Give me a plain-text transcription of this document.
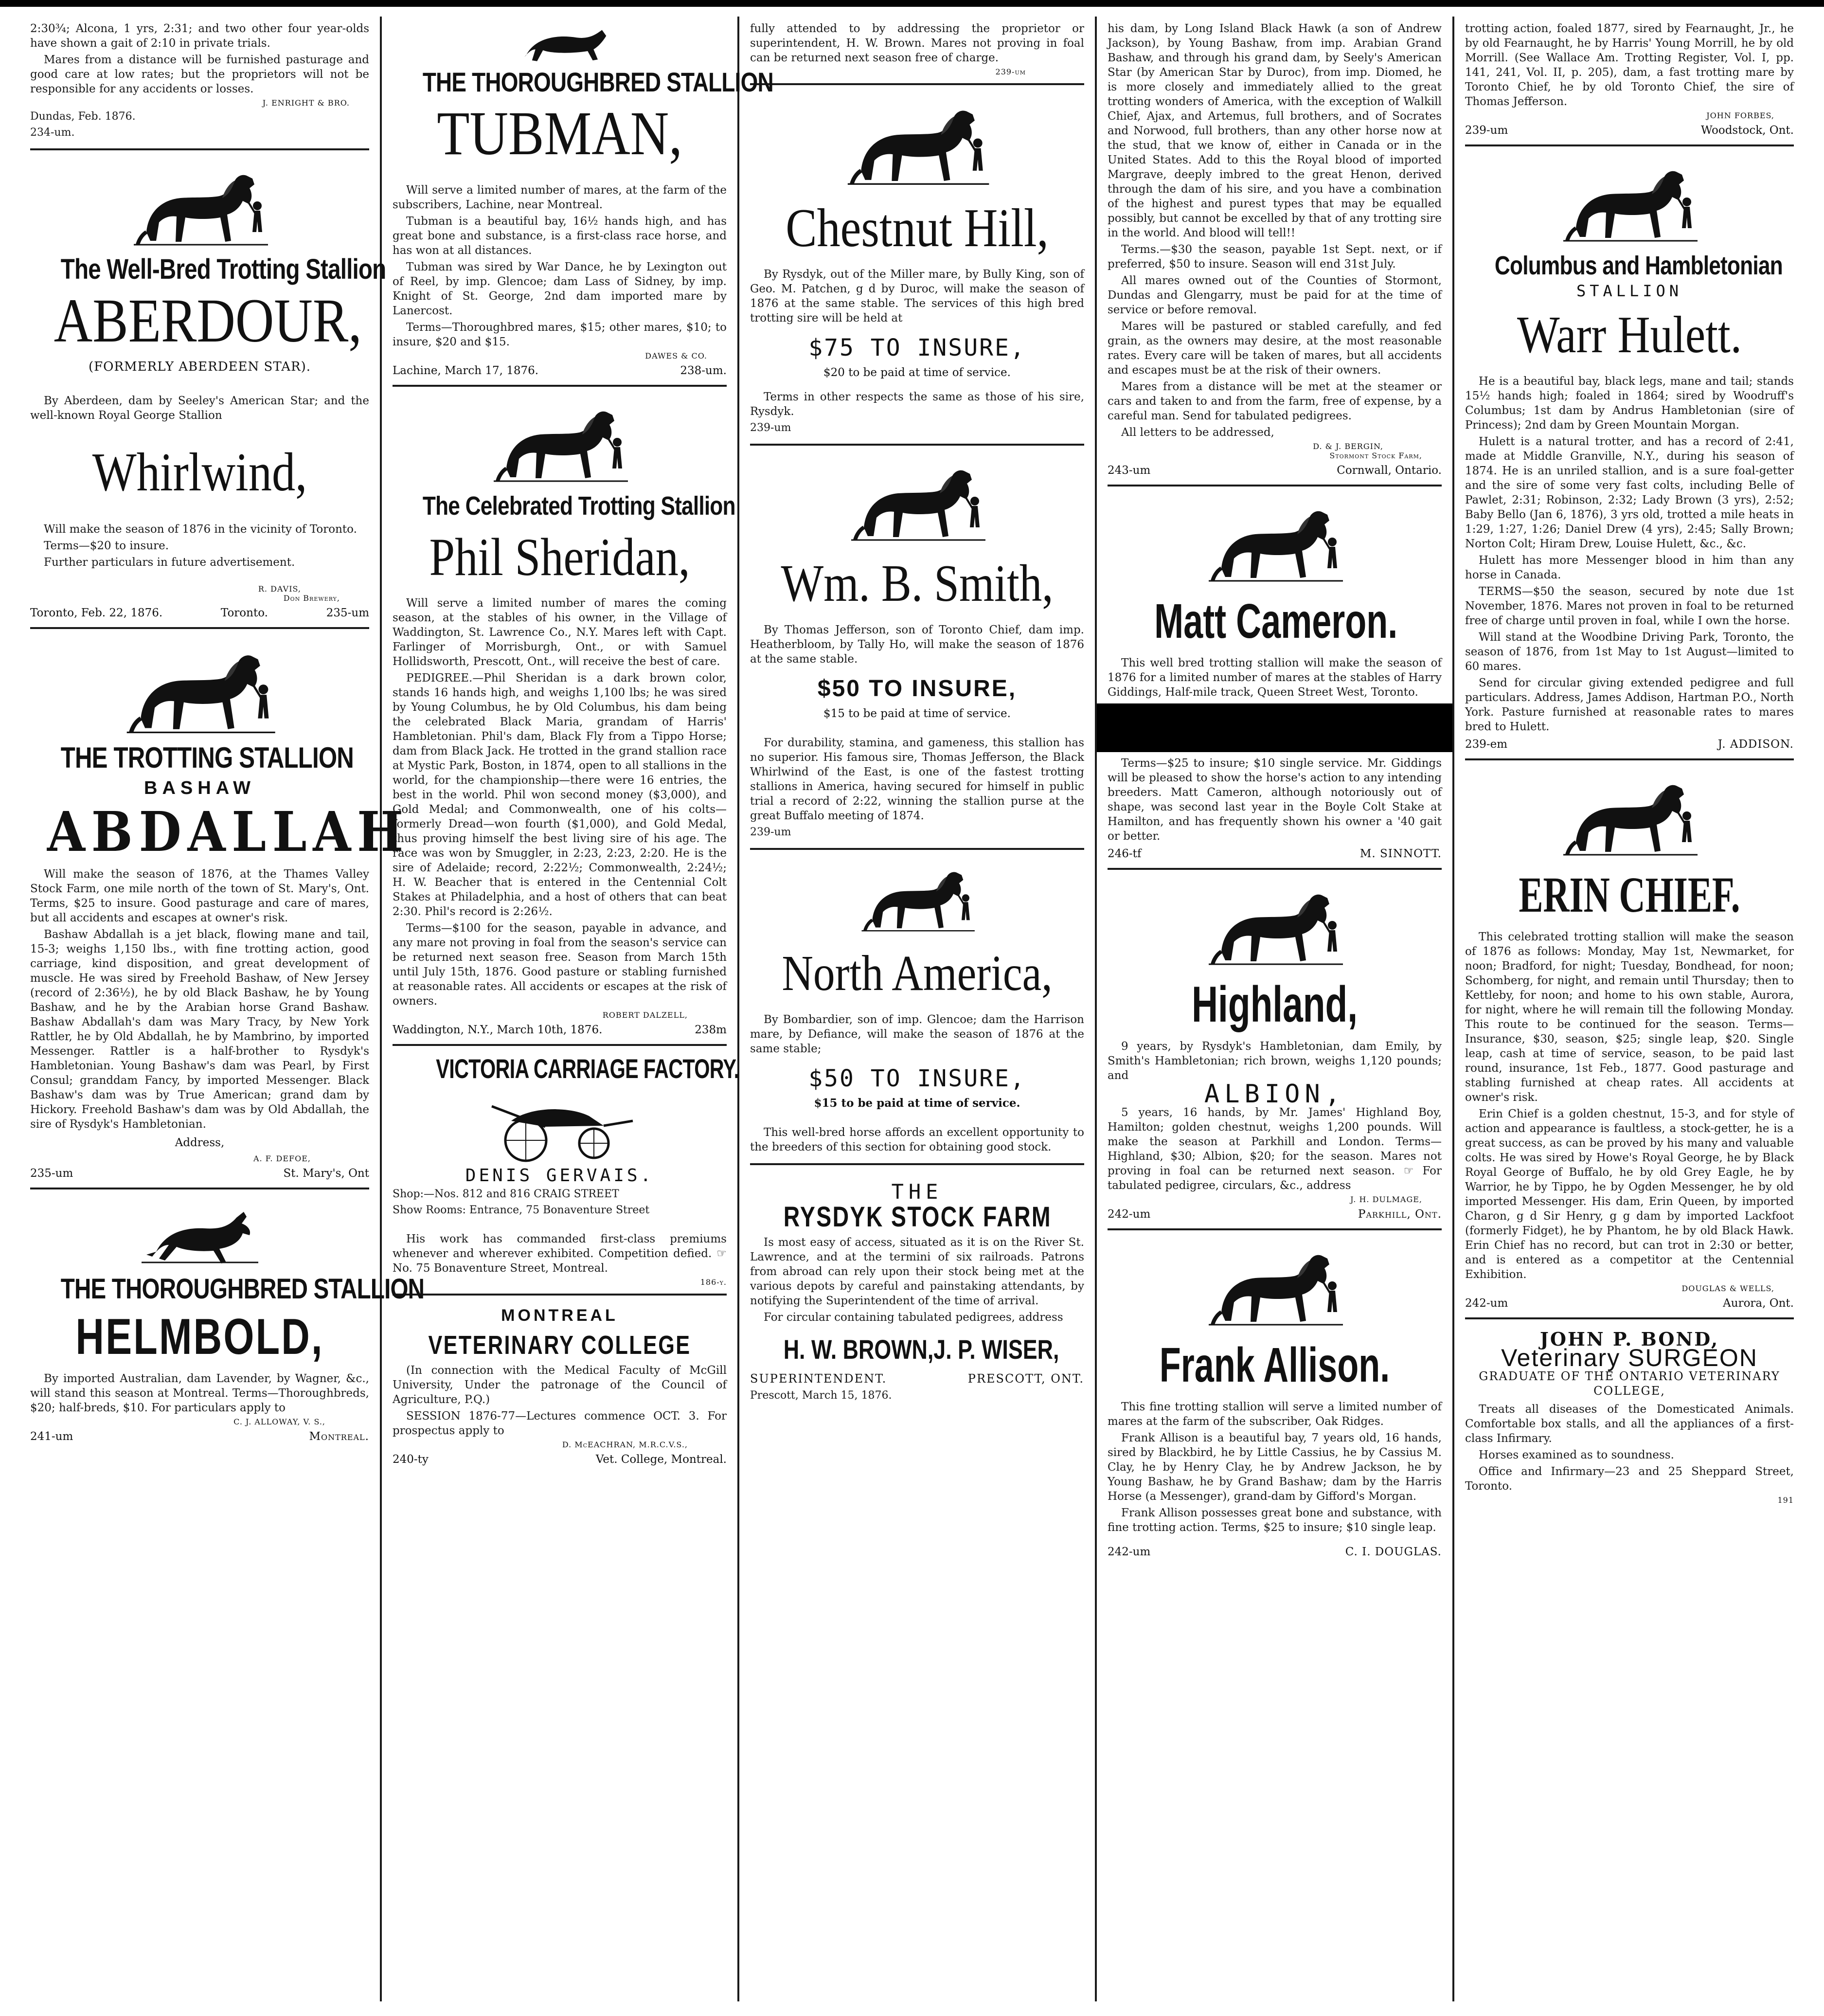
2:30¾; Alcona, 1 yrs, 2:31; and two other four year-olds have shown a gait of 2:10 in private trials.

Mares from a distance will be furnished pasturage and good care at low rates; but the proprietors will not be responsible for any accidents or losses.

J. ENRIGHT & BRO.
Dundas, Feb. 1876.
234-um.
The Well-Bred Trotting Stallion
ABERDOUR,
(FORMERLY ABERDEEN STAR).

By Aberdeen, dam by Seeley's American Star; and the well-known Royal George Stallion

Whirlwind,

Will make the season of 1876 in the vicinity of Toronto.

Terms—$20 to insure.

Further particulars in future advertisement.

R. DAVIS,
Don Brewery,
Toronto, Feb. 22, 1876.	Toronto.	235-um
THE TROTTING STALLION
BASHAW
ABDALLAH

Will make the season of 1876, at the Thames Valley Stock Farm, one mile north of the town of St. Mary's, Ont. Terms, $25 to insure. Good pasturage and care of mares, but all accidents and escapes at owner's risk.

Bashaw Abdallah is a jet black, flowing mane and tail, 15-3; weighs 1,150 lbs., with fine trotting action, good carriage, kind disposition, and great development of muscle. He was sired by Freehold Bashaw, of New Jersey (record of 2:36½), he by old Black Bashaw, he by Young Bashaw, and he by the Arabian horse Grand Bashaw. Bashaw Abdallah's dam was Mary Tracy, by New York Rattler, he by Old Abdallah, he by Mambrino, by imported Messenger. Rattler is a half-brother to Rysdyk's Hambletonian. Young Bashaw's dam was Pearl, by First Consul; granddam Fancy, by imported Messenger. Black Bashaw's dam was by True American; grand dam by Hickory. Freehold Bashaw's dam was by Old Abdallah, the sire of Rysdyk's Hambletonian.

Address,
A. F. DEFOE,
235-um	St. Mary's, Ont
THE THOROUGHBRED STALLION
HELMBOLD,

By imported Australian, dam Lavender, by Wagner, &c., will stand this season at Montreal. Terms—Thoroughbreds, $20; half-breds, $10. For particulars apply to

C. J. ALLOWAY, V. S.,
241-um	Montreal.
THE THOROUGHBRED STALLION
TUBMAN,

Will serve a limited number of mares, at the farm of the subscribers, Lachine, near Montreal.

Tubman is a beautiful bay, 16½ hands high, and has great bone and substance, is a first-class race horse, and has won at all distances.

Tubman was sired by War Dance, he by Lexington out of Reel, by imp. Glencoe; dam Lass of Sidney, by imp. Knight of St. George, 2nd dam imported mare by Lanercost.

Terms—Thoroughbred mares, $15; other mares, $10; to insure, $20 and $15.

DAWES & CO.
Lachine, March 17, 1876.	238-um.
The Celebrated Trotting Stallion
Phil Sheridan,

Will serve a limited number of mares the coming season, at the stables of his owner, in the Village of Waddington, St. Lawrence Co., N.Y. Mares left with Capt. Farlinger of Morrisburgh, Ont., or with Samuel Hollidsworth, Prescott, Ont., will receive the best of care.

PEDIGREE.—Phil Sheridan is a dark brown color, stands 16 hands high, and weighs 1,100 lbs; he was sired by Young Columbus, he by Old Columbus, his dam being the celebrated Black Maria, grandam of Harris' Hambletonian. Phil's dam, Black Fly from a Tippo Horse; dam from Black Jack. He trotted in the grand stallion race at Mystic Park, Boston, in 1874, open to all stallions in the world, for the championship—there were 16 entries, the best in the world. Phil won second money ($3,000), and Gold Medal; and Commonwealth, one of his colts—formerly Dread—won fourth ($1,000), and Gold Medal, thus proving himself the best living sire of his age. The race was won by Smuggler, in 2:23, 2:23, 2:20. He is the sire of Adelaide; record, 2:22½; Commonwealth, 2:24½; H. W. Beacher that is entered in the Centennial Colt Stakes at Philadelphia, and a host of others that can beat 2:30. Phil's record is 2:26½.

Terms—$100 for the season, payable in advance, and any mare not proving in foal from the season's service can be returned next season free. Season from March 15th until July 15th, 1876. Good pasture or stabling furnished at reasonable rates. All accidents or escapes at the risk of owners.

ROBERT DALZELL,
Waddington, N.Y., March 10th, 1876.	238m
VICTORIA CARRIAGE FACTORY.
DENIS GERVAIS.
Shop:—Nos. 812 and 816 CRAIG STREET
Show Rooms: Entrance, 75 Bonaventure Street

His work has commanded first-class premiums whenever and wherever exhibited. Competition defied. ☞ No. 75 Bonaventure Street, Montreal.

186-y.
MONTREAL
VETERINARY COLLEGE

(In connection with the Medical Faculty of McGill University, Under the patronage of the Council of Agriculture, P.Q.)

SESSION 1876-77—Lectures commence OCT. 3. For prospectus apply to

D. McEACHRAN, M.R.C.V.S.,
240-ty	Vet. College, Montreal.

fully attended to by addressing the proprietor or superintendent, H. W. Brown. Mares not proving in foal can be returned next season free of charge.

239-um
Chestnut Hill,

By Rysdyk, out of the Miller mare, by Bully King, son of Geo. M. Patchen, g d by Duroc, will make the season of 1876 at the same stable. The services of this high bred trotting sire will be held at

$75 TO INSURE,
$20 to be paid at time of service.

Terms in other respects the same as those of his sire, Rysdyk.

239-um
Wm. B. Smith,

By Thomas Jefferson, son of Toronto Chief, dam imp. Heatherbloom, by Tally Ho, will make the season of 1876 at the same stable.

$50 TO INSURE,
$15 to be paid at time of service.

For durability, stamina, and gameness, this stallion has no superior. His famous sire, Thomas Jefferson, the Black Whirlwind of the East, is one of the fastest trotting stallions in America, having secured for himself in public trial a record of 2:22, winning the stallion purse at the great Buffalo meeting of 1874.

239-um
North America,

By Bombardier, son of imp. Glencoe; dam the Harrison mare, by Defiance, will make the season of 1876 at the same stable;

$50 TO INSURE,
$15 to be paid at time of service.

This well-bred horse affords an excellent opportunity to the breeders of this section for obtaining good stock.

THE
RYSDYK STOCK FARM

Is most easy of access, situated as it is on the River St. Lawrence, and at the termini of six railroads. Patrons from abroad can rely upon their stock being met at the various depots by careful and painstaking attendants, by notifying the Superintendent of the time of arrival.

For circular containing tabulated pedigrees, address

H. W. BROWN, J. P. WISER,
SUPERINTENDENT.	PRESCOTT, ONT.
Prescott, March 15, 1876.

his dam, by Long Island Black Hawk (a son of Andrew Jackson), by Young Bashaw, from imp. Arabian Grand Bashaw, and through his grand dam, by Seely's American Star (by American Star by Duroc), from imp. Diomed, he is more closely and immediately allied to the great trotting wonders of America, with the exception of Walkill Chief, Ajax, and Artemus, full brothers, and of Socrates and Norwood, full brothers, than any other horse now at the stud, that we know of, either in Canada or in the United States. Add to this the Royal blood of imported Margrave, deeply imbred to the great Henon, derived through the dam of his sire, and you have a combination of the highest and purest types that may be equalled possibly, but cannot be excelled by that of any trotting sire in the world. And blood will tell!!

Terms.—$30 the season, payable 1st Sept. next, or if preferred, $50 to insure. Season will end 31st July.

All mares owned out of the Counties of Stormont, Dundas and Glengarry, must be paid for at the time of service or before removal.

Mares will be pastured or stabled carefully, and fed grain, as the owners may desire, at the most reasonable rates. Every care will be taken of mares, but all accidents and escapes must be at the risk of their owners.

Mares from a distance will be met at the steamer or cars and taken to and from the farm, free of expense, by a careful man. Send for tabulated pedigrees.

All letters to be addressed,

D. & J. BERGIN,
Stormont Stock Farm,
243-um	Cornwall, Ontario.
Matt Cameron.

This well bred trotting stallion will make the season of 1876 for a limited number of mares at the stables of Harry Giddings, Half-mile track, Queen Street West, Toronto.

Terms—$25 to insure; $10 single service. Mr. Giddings will be pleased to show the horse's action to any intending breeders. Matt Cameron, although notoriously out of shape, was second last year in the Boyle Colt Stake at Hamilton, and has frequently shown his owner a '40 gait or better.

246-tf	M. SINNOTT.
Highland,

9 years, by Rysdyk's Hambletonian, dam Emily, by Smith's Hambletonian; rich brown, weighs 1,120 pounds; and

ALBION,

5 years, 16 hands, by Mr. James' Highland Boy, Hamilton; golden chestnut, weighs 1,200 pounds. Will make the season at Parkhill and London. Terms—Highland, $30; Albion, $20; for the season. Mares not proving in foal can be returned next season. ☞ For tabulated pedigree, circulars, &c., address

J. H. DULMAGE,
242-um	Parkhill, Ont.
Frank Allison.

This fine trotting stallion will serve a limited number of mares at the farm of the subscriber, Oak Ridges.

Frank Allison is a beautiful bay, 7 years old, 16 hands, sired by Blackbird, he by Little Cassius, he by Cassius M. Clay, he by Henry Clay, he by Andrew Jackson, he by Young Bashaw, he by Grand Bashaw; dam by the Harris Horse (a Messenger), grand-dam by Gifford's Morgan.

Frank Allison possesses great bone and substance, with fine trotting action. Terms, $25 to insure; $10 single leap.

242-um	C. I. DOUGLAS.

trotting action, foaled 1877, sired by Fearnaught, Jr., he by old Fearnaught, he by Harris' Young Morrill, he by old Morrill. (See Wallace Am. Trotting Register, Vol. I, pp. 141, 241, Vol. II, p. 205), dam, a fast trotting mare by Toronto Chief, he by old Toronto Chief, the sire of Thomas Jefferson.

JOHN FORBES,
239-um	Woodstock, Ont.
Columbus and Hambletonian
STALLION
Warr Hulett.

He is a beautiful bay, black legs, mane and tail; stands 15½ hands high; foaled in 1864; sired by Woodruff's Columbus; 1st dam by Andrus Hambletonian (sire of Princess); 2nd dam by Green Mountain Morgan.

Hulett is a natural trotter, and has a record of 2:41, made at Middle Granville, N.Y., during his season of 1874. He is an unriled stallion, and is a sure foal-getter and the sire of some very fast colts, including Belle of Pawlet, 2:31; Robinson, 2:32; Lady Brown (3 yrs), 2:52; Baby Bello (Jan 6, 1876), 3 yrs old, trotted a mile heats in 1:29, 1:27, 1:26; Daniel Drew (4 yrs), 2:45; Sally Brown; Norton Colt; Hiram Drew, Louise Hulett, &c., &c.

Hulett has more Messenger blood in him than any horse in Canada.

TERMS—$50 the season, secured by note due 1st November, 1876. Mares not proven in foal to be returned free of charge until proven in foal, while I own the horse.

Will stand at the Woodbine Driving Park, Toronto, the season of 1876, from 1st May to 1st August—limited to 60 mares.

Send for circular giving extended pedigree and full particulars. Address, James Addison, Hartman P.O., North York. Pasture furnished at reasonable rates to mares bred to Hulett.

239-em	J. ADDISON.
ERIN CHIEF.

This celebrated trotting stallion will make the season of 1876 as follows: Monday, May 1st, Newmarket, for noon; Bradford, for night; Tuesday, Bondhead, for noon; Schomberg, for night, and remain until Thursday; then to Kettleby, for noon; and home to his own stable, Aurora, for night, where he will remain till the following Monday. This route to be continued for the season. Terms—Insurance, $30, season, $25; single leap, $20. Single leap, cash at time of service, season, to be paid last round, insurance, 1st Feb., 1877. Good pasturage and stabling furnished at cheap rates. All accidents at owner's risk.

Erin Chief is a golden chestnut, 15-3, and for style of action and appearance is faultless, a stock-getter, he is a great success, as can be proved by his many and valuable colts. He was sired by Howe's Royal George, he by Black Royal George of Buffalo, he by old Grey Eagle, he by Warrior, he by Tippo, he by Ogden Messenger, he by old imported Messenger. His dam, Erin Queen, by imported Charon, g d Sir Henry, g g dam by imported Lackfoot (formerly Fidget), he by Phantom, he by old Black Hawk. Erin Chief has no record, but can trot in 2:30 or better, and is entered as a competitor at the Centennial Exhibition.

DOUGLAS & WELLS,
242-um	Aurora, Ont.
JOHN P. BOND,
Veterinary SURGEON
GRADUATE OF THE ONTARIO VETERINARY COLLEGE,

Treats all diseases of the Domesticated Animals. Comfortable box stalls, and all the appliances of a first-class Infirmary.

Horses examined as to soundness.

Office and Infirmary—23 and 25 Sheppard Street, Toronto.

191
